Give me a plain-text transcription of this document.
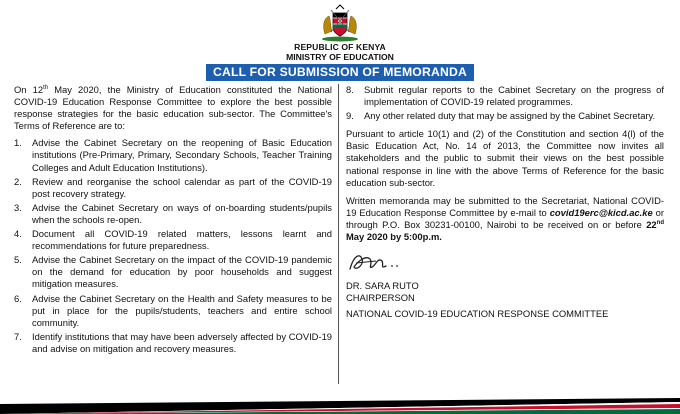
REPUBLIC OF KENYA
MINISTRY OF EDUCATION
CALL FOR SUBMISSION OF MEMORANDA

On 12th May 2020, the Ministry of Education constituted the National COVID-19 Education Response Committee to explore the best possible response strategies for the basic education sub-sector. The Committee's Terms of Reference are to:

1.	Advise the Cabinet Secretary on the reopening of Basic Education institutions (Pre-Primary, Primary, Secondary Schools, Teacher Training Colleges and Adult Education Institutions).
2.	Review and reorganise the school calendar as part of the COVID-19 post recovery strategy.
3.	Advise the Cabinet Secretary on ways of on-boarding students/pupils when the schools re-open.
4.	Document all COVID-19 related matters, lessons learnt and recommendations for future preparedness.
5.	Advise the Cabinet Secretary on the impact of the COVID-19 pandemic on the demand for education by poor households and suggest mitigation measures.
6.	Advise the Cabinet Secretary on the Health and Safety measures to be put in place for the pupils/students, teachers and entire school community.
7.	Identify institutions that may have been adversely affected by COVID-19 and advise on mitigation and recovery measures.
8.	Submit regular reports to the Cabinet Secretary on the progress of implementation of COVID-19 related programmes.
9.	Any other related duty that may be assigned by the Cabinet Secretary.

Pursuant to article 10(1) and (2) of the Constitution and section 4(l) of the Basic Education Act, No. 14 of 2013, the Committee now invites all stakeholders and the public to submit their views on the best possible national response in line with the above Terms of Reference for the basic education sub-sector.

Written memoranda may be submitted to the Secretariat, National COVID-19 Education Response Committee by e-mail to covid19erc@kicd.ac.ke or through P.O. Box 30231-00100, Nairobi to be received on or before 22nd May 2020 by 5:00p.m.

DR. SARA RUTO
CHAIRPERSON
NATIONAL COVID-19 EDUCATION RESPONSE COMMITTEE
